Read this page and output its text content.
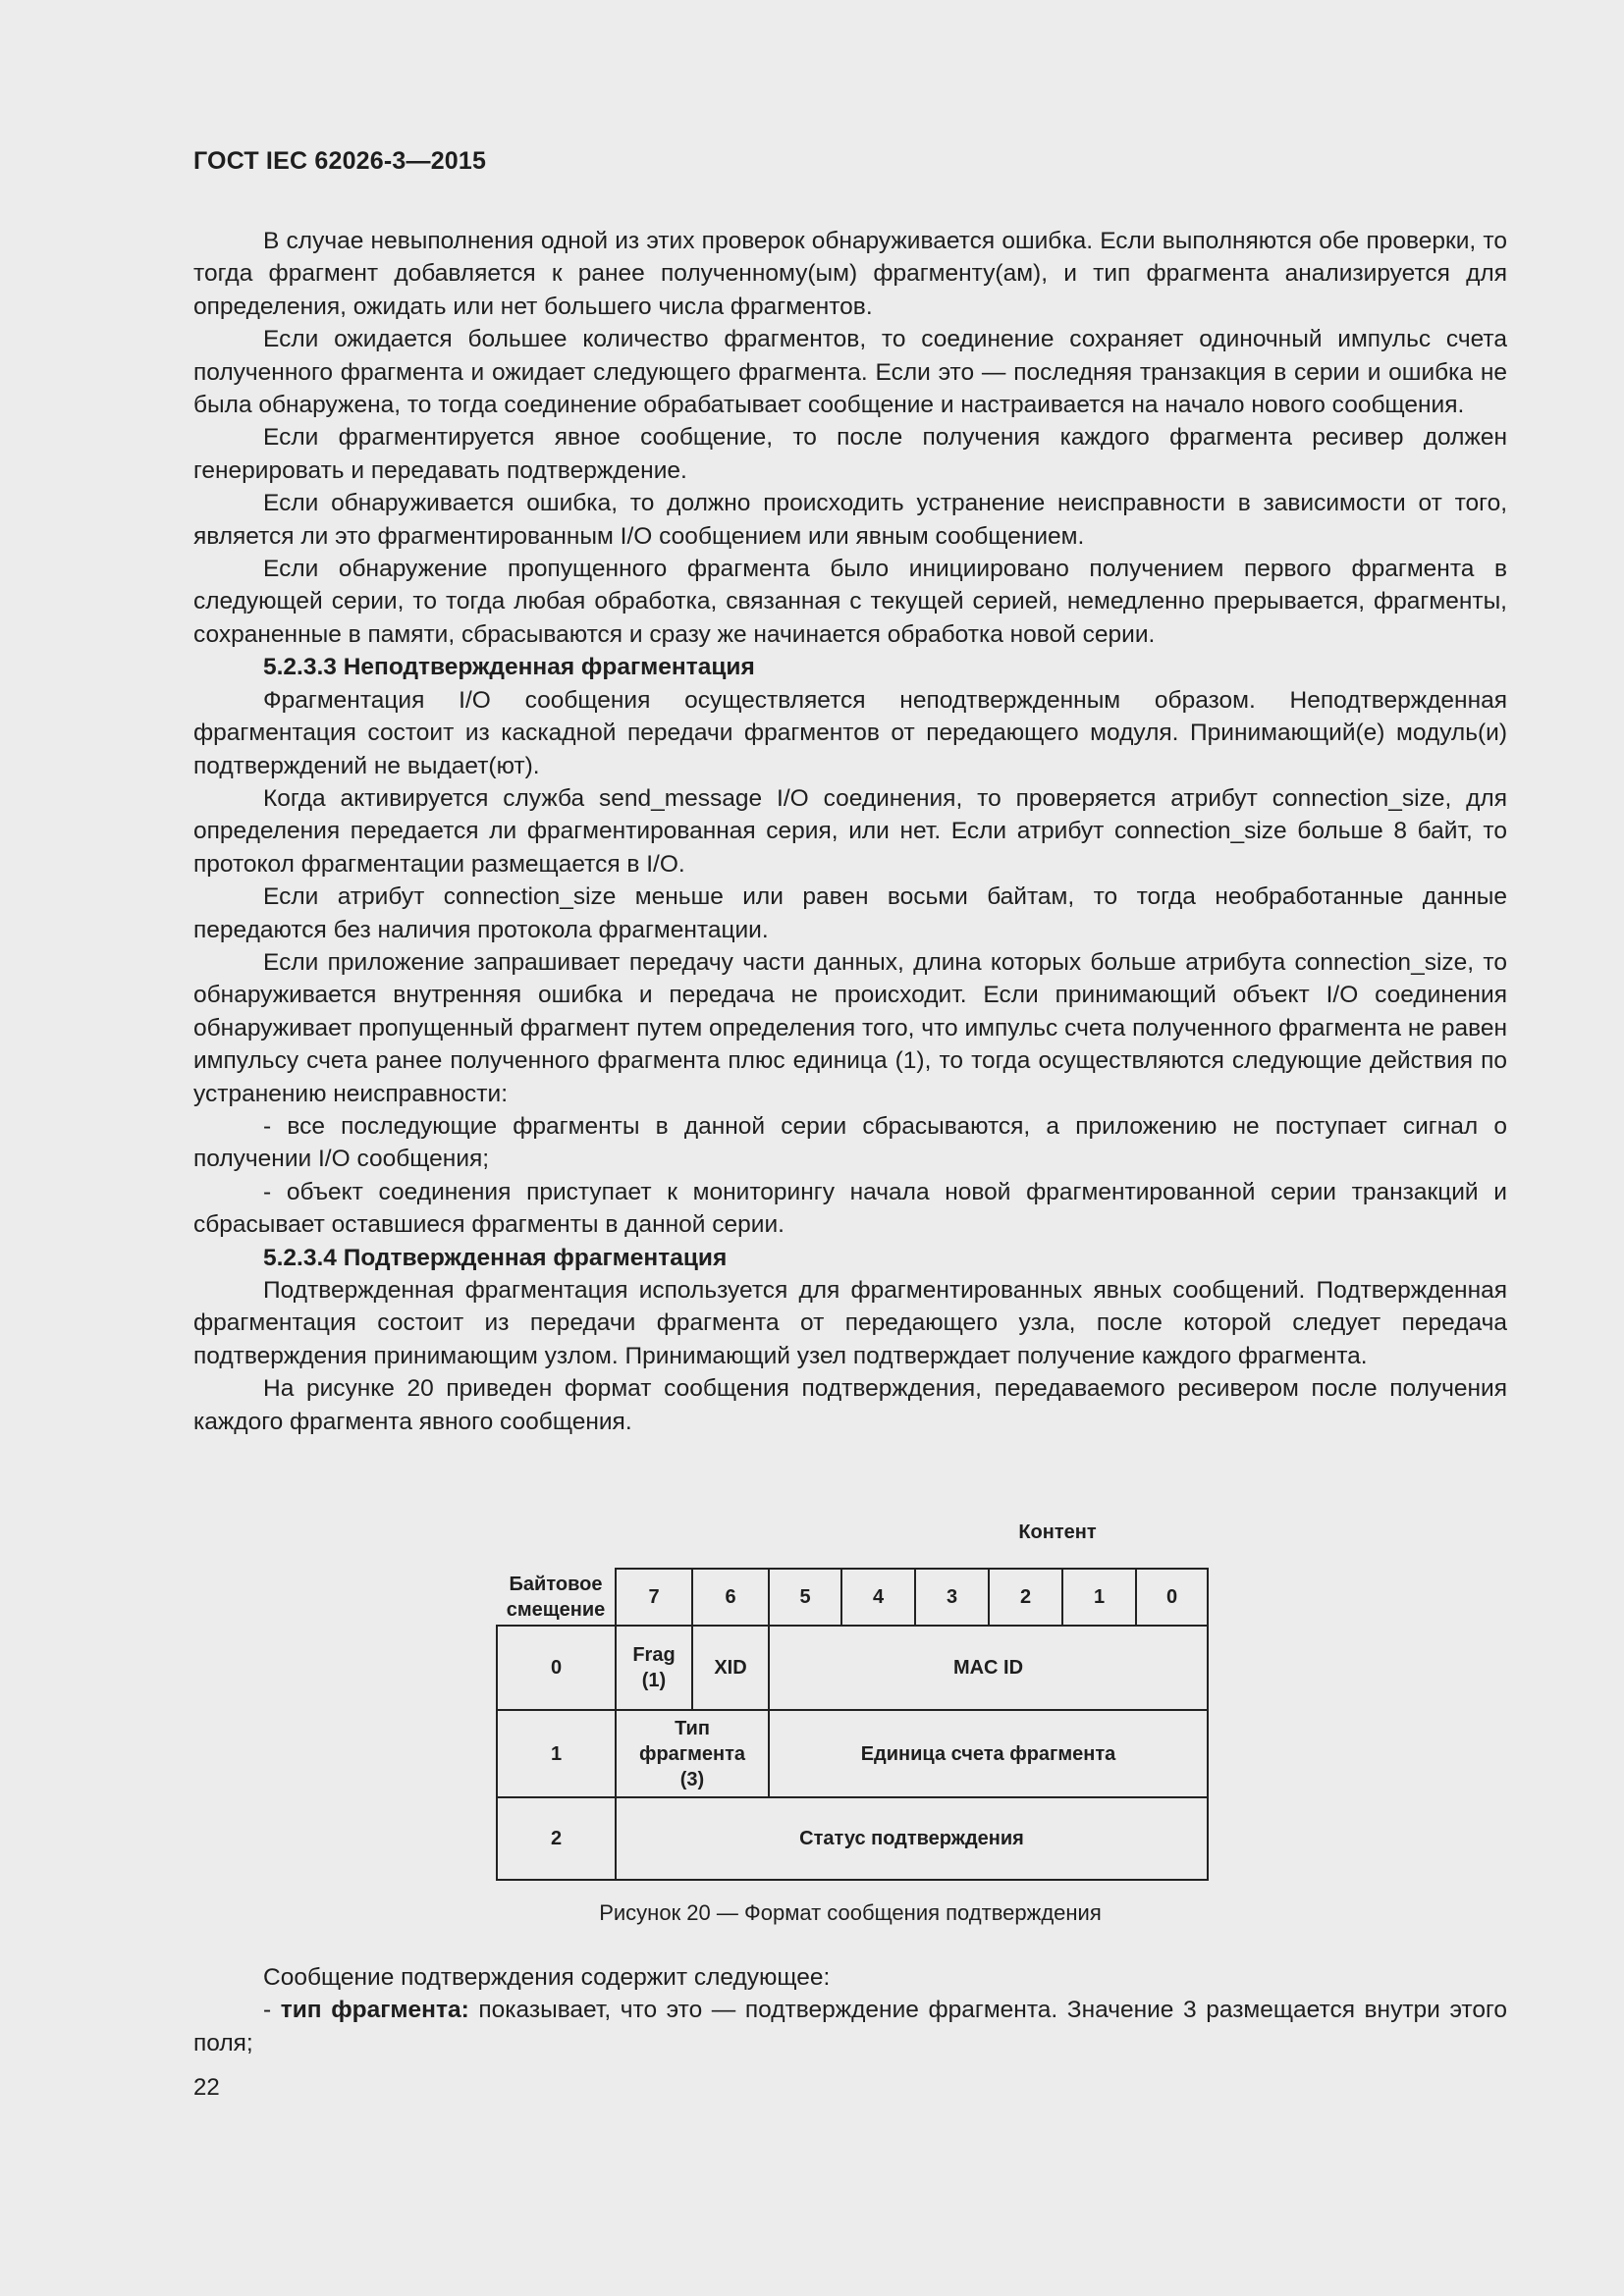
ГОСТ IEC 62026-3—2015

В случае невыполнения одной из этих проверок обнаруживается ошибка. Если выполняются обе проверки, то тогда фрагмент добавляется к ранее полученному(ым) фрагменту(ам), и тип фрагмента анализируется для определения, ожидать или нет большего числа фрагментов.

Если ожидается большее количество фрагментов, то соединение сохраняет одиночный импульс счета полученного фрагмента и ожидает следующего фрагмента. Если это — последняя транзакция в серии и ошибка не была обнаружена, то тогда соединение обрабатывает сообщение и настраивается на начало нового сообщения.

Если фрагментируется явное сообщение, то после получения каждого фрагмента ресивер должен генерировать и передавать подтверждение.

Если обнаруживается ошибка, то должно происходить устранение неисправности в зависимости от того, является ли это фрагментированным I/O сообщением или явным сообщением.

Если обнаружение пропущенного фрагмента было инициировано получением первого фрагмента в следующей серии, то тогда любая обработка, связанная с текущей серией, немедленно прерывается, фрагменты, сохраненные в памяти, сбрасываются и сразу же начинается обработка новой серии.

5.2.3.3 Неподтвержденная фрагментация

Фрагментация I/O сообщения осуществляется неподтвержденным образом. Неподтвержденная фрагментация состоит из каскадной передачи фрагментов от передающего модуля. Принимающий(е) модуль(и) подтверждений не выдает(ют).

Когда активируется служба send_message I/O соединения, то проверяется атрибут connection_size, для определения передается ли фрагментированная серия, или нет. Если атрибут connection_size больше 8 байт, то протокол фрагментации размещается в I/O.

Если атрибут connection_size меньше или равен восьми байтам, то тогда необработанные данные передаются без наличия протокола фрагментации.

Если приложение запрашивает передачу части данных, длина которых больше атрибута connection_size, то обнаруживается внутренняя ошибка и передача не происходит. Если принимающий объект I/O соединения обнаруживает пропущенный фрагмент путем определения того, что импульс счета полученного фрагмента не равен импульсу счета ранее полученного фрагмента плюс единица (1), то тогда осуществляются следующие действия по устранению неисправности:

- все последующие фрагменты в данной серии сбрасываются, а приложению не поступает сигнал о получении I/O сообщения;

- объект соединения приступает к мониторингу начала новой фрагментированной серии транзакций и сбрасывает оставшиеся фрагменты в данной серии.

5.2.3.4 Подтвержденная фрагментация

Подтвержденная фрагментация используется для фрагментированных явных сообщений. Подтвержденная фрагментация состоит из передачи фрагмента от передающего узла, после которой следует передача подтверждения принимающим узлом. Принимающий узел подтверждает получение каждого фрагмента.

На рисунке 20 приведен формат сообщения подтверждения, передаваемого ресивером после получения каждого фрагмента явного сообщения.

Контент
Байтовое смещение	7	6	5	4	3	2	1	0
0	Frag (1)	XID	MAC ID					
1	Тип фрагмента (3)		Единица счета фрагмента					
2	Статус подтверждения							
Рисунок 20 — Формат сообщения подтверждения

Сообщение подтверждения содержит следующее:

- тип фрагмента: показывает, что это — подтверждение фрагмента. Значение 3 размещается внутри этого поля;

22
